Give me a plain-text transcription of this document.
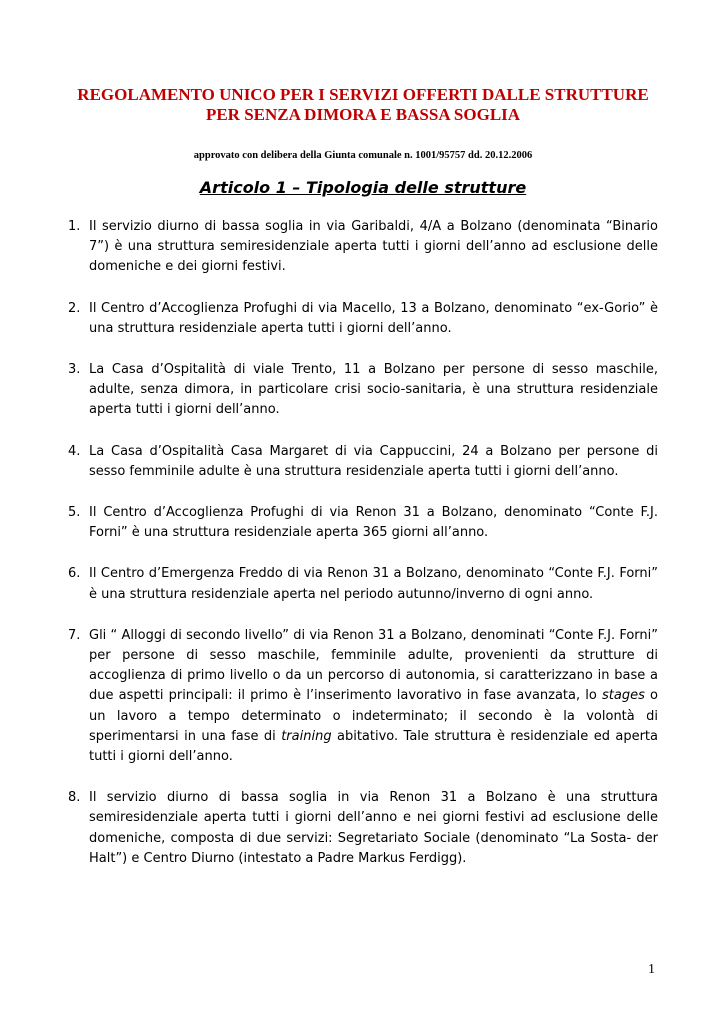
REGOLAMENTO UNICO PER I SERVIZI OFFERTI DALLE STRUTTURE
PER SENZA DIMORA E BASSA SOGLIA

approvato con delibera della Giunta comunale n. 1001/95757 dd. 20.12.2006

Articolo 1 – Tipologia delle strutture

1. Il servizio diurno di bassa soglia in via Garibaldi, 4/A a Bolzano (denominata “Binario 7”) è una struttura semiresidenziale aperta tutti i giorni dell’anno ad esclusione delle domeniche e dei giorni festivi.
2. Il Centro d’Accoglienza Profughi di via Macello, 13 a Bolzano, denominato “ex-Gorio” è una struttura residenziale aperta tutti i giorni dell’anno.
3. La Casa d’Ospitalità di viale Trento, 11 a Bolzano per persone di sesso maschile, adulte, senza dimora, in particolare crisi socio-sanitaria, è una struttura residenziale aperta tutti i giorni dell’anno.
4. La Casa d’Ospitalità Casa Margaret di via Cappuccini, 24 a Bolzano per persone di sesso femminile adulte è una struttura residenziale aperta tutti i giorni dell’anno.
5. Il Centro d’Accoglienza Profughi di via Renon 31 a Bolzano, denominato “Conte F.J. Forni” è una struttura residenziale aperta 365 giorni all’anno.
6. Il Centro d’Emergenza Freddo di via Renon 31 a Bolzano, denominato “Conte F.J. Forni” è una struttura residenziale aperta nel periodo autunno/inverno di ogni anno.
7. Gli “ Alloggi di secondo livello” di via Renon 31 a Bolzano, denominati “Conte F.J. Forni” per persone di sesso maschile, femminile adulte, provenienti da strutture di accoglienza di primo livello o da un percorso di autonomia, si caratterizzano in base a due aspetti principali: il primo è l’inserimento lavorativo in fase avanzata, lo stages o un lavoro a tempo determinato o indeterminato; il secondo è la volontà di sperimentarsi in una fase di training abitativo. Tale struttura è residenziale ed aperta tutti i giorni dell’anno.
8. Il servizio diurno di bassa soglia in via Renon 31 a Bolzano è una struttura semiresidenziale aperta tutti i giorni dell’anno e nei giorni festivi ad esclusione delle domeniche, composta di due servizi: Segretariato Sociale (denominato “La Sosta- der Halt”) e Centro Diurno (intestato a Padre Markus Ferdigg).
1
